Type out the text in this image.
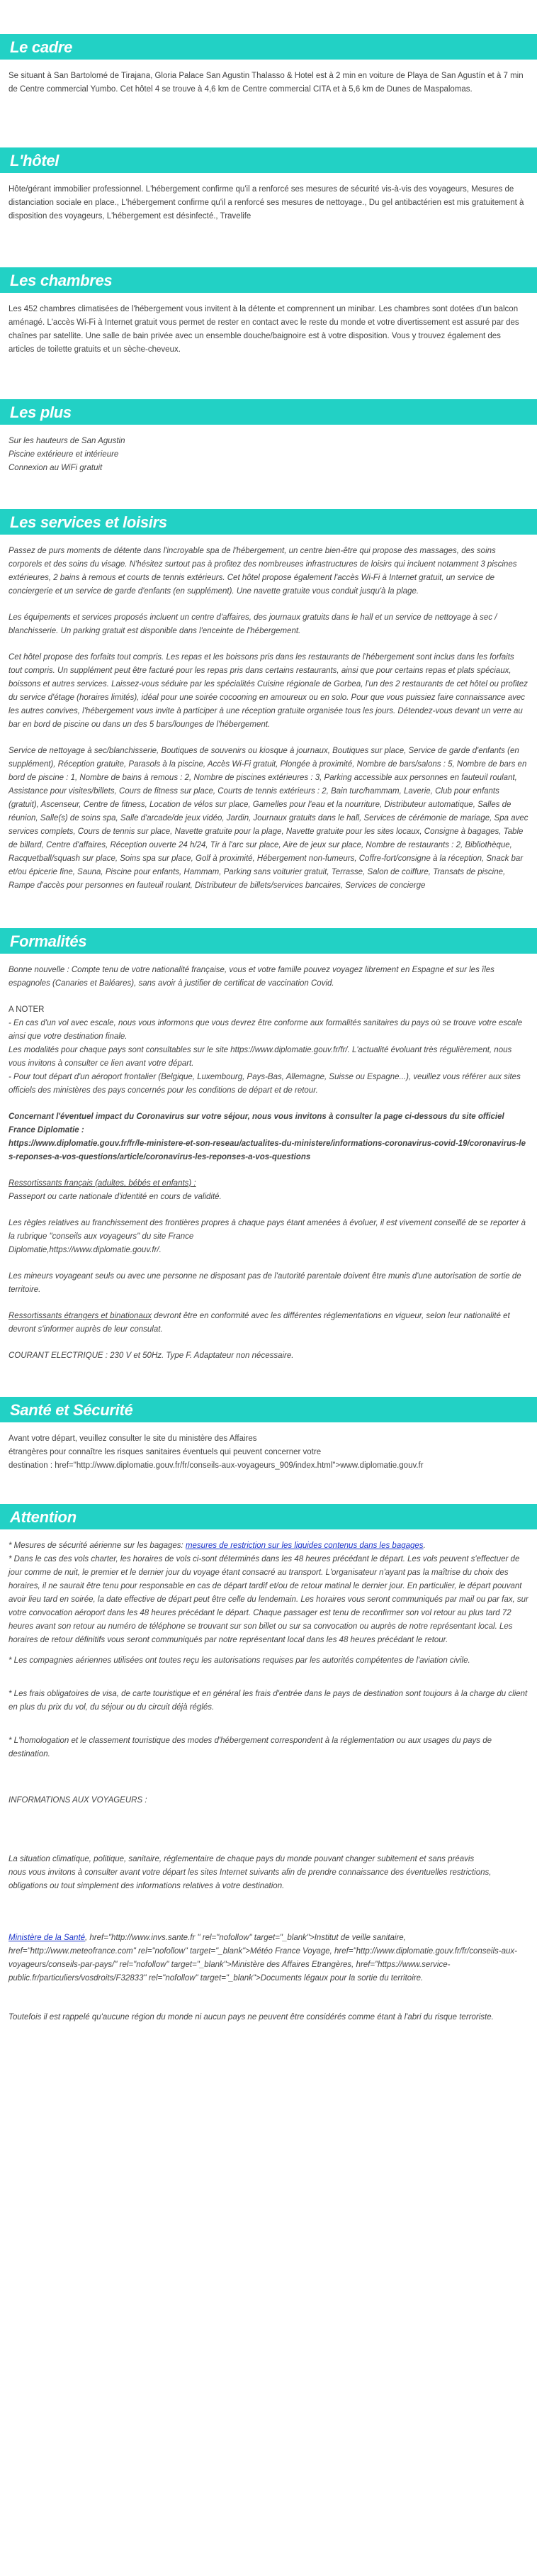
Le cadre

Se situant à San Bartolomé de Tirajana, Gloria Palace San Agustin Thalasso & Hotel est à 2 min en voiture de Playa de San Agustín et à 7 min de Centre commercial Yumbo. Cet hôtel 4 se trouve à 4,6 km de Centre commercial CITA et à 5,6 km de Dunes de Maspalomas.

L'hôtel

Hôte/gérant immobilier professionnel. L'hébergement confirme qu'il a renforcé ses mesures de sécurité vis-à-vis des voyageurs, Mesures de distanciation sociale en place., L'hébergement confirme qu'il a renforcé ses mesures de nettoyage., Du gel antibactérien est mis gratuitement à disposition des voyageurs, L'hébergement est désinfecté., Travelife

Les chambres

Les 452 chambres climatisées de l'hébergement vous invitent à la détente et comprennent un minibar. Les chambres sont dotées d'un balcon aménagé. L'accès Wi-Fi à Internet gratuit vous permet de rester en contact avec le reste du monde et votre divertissement est assuré par des chaînes par satellite. Une salle de bain privée avec un ensemble douche/baignoire est à votre disposition. Vous y trouvez également des articles de toilette gratuits et un sèche-cheveux.

Les plus
Sur les hauteurs de San Agustin
Piscine extérieure et intérieure
Connexion au WiFi gratuit
Les services et loisirs

Passez de purs moments de détente dans l'incroyable spa de l'hébergement, un centre bien-être qui propose des massages, des soins corporels et des soins du visage. N'hésitez surtout pas à profitez des nombreuses infrastructures de loisirs qui incluent notamment 3 piscines extérieures, 2 bains à remous et courts de tennis extérieurs. Cet hôtel propose également l'accès Wi-Fi à Internet gratuit, un service de conciergerie et un service de garde d'enfants (en supplément). Une navette gratuite vous conduit jusqu'à la plage.

Les équipements et services proposés incluent un centre d'affaires, des journaux gratuits dans le hall et un service de nettoyage à sec / blanchisserie. Un parking gratuit est disponible dans l'enceinte de l'hébergement.

Cet hôtel propose des forfaits tout compris. Les repas et les boissons pris dans les restaurants de l'hébergement sont inclus dans les forfaits tout compris. Un supplément peut être facturé pour les repas pris dans certains restaurants, ainsi que pour certains repas et plats spéciaux, boissons et autres services. Laissez-vous séduire par les spécialités Cuisine régionale de Gorbea, l'un des 2 restaurants de cet hôtel ou profitez du service d'étage (horaires limités), idéal pour une soirée cocooning en amoureux ou en solo. Pour que vous puissiez faire connaissance avec les autres convives, l'hébergement vous invite à participer à une réception gratuite organisée tous les jours. Détendez-vous devant un verre au bar en bord de piscine ou dans un des 5 bars/lounges de l'hébergement.

Service de nettoyage à sec/blanchisserie, Boutiques de souvenirs ou kiosque à journaux, Boutiques sur place, Service de garde d'enfants (en supplément), Réception gratuite, Parasols à la piscine, Accès Wi-Fi gratuit, Plongée à proximité, Nombre de bars/salons : 5, Nombre de bars en bord de piscine : 1, Nombre de bains à remous : 2, Nombre de piscines extérieures : 3, Parking accessible aux personnes en fauteuil roulant, Assistance pour visites/billets, Cours de fitness sur place, Courts de tennis extérieurs : 2, Bain turc/hammam, Laverie, Club pour enfants (gratuit), Ascenseur, Centre de fitness, Location de vélos sur place, Gamelles pour l'eau et la nourriture, Distributeur automatique, Salles de réunion, Salle(s) de soins spa, Salle d'arcade/de jeux vidéo, Jardin, Journaux gratuits dans le hall, Services de cérémonie de mariage, Spa avec services complets, Cours de tennis sur place, Navette gratuite pour la plage, Navette gratuite pour les sites locaux, Consigne à bagages, Table de billard, Centre d'affaires, Réception ouverte 24 h/24, Tir à l'arc sur place, Aire de jeux sur place, Nombre de restaurants : 2, Bibliothèque, Racquetball/squash sur place, Soins spa sur place, Golf à proximité, Hébergement non-fumeurs, Coffre-fort/consigne à la réception, Snack bar et/ou épicerie fine, Sauna, Piscine pour enfants, Hammam, Parking sans voiturier gratuit, Terrasse, Salon de coiffure, Transats de piscine, Rampe d'accès pour personnes en fauteuil roulant, Distributeur de billets/services bancaires, Services de concierge

Formalités

Bonne nouvelle : Compte tenu de votre nationalité française, vous et votre famille pouvez voyagez librement en Espagne et sur les îles espagnoles (Canaries et Baléares), sans avoir à justifier de certificat de vaccination Covid.

A NOTER
- En cas d'un vol avec escale, nous vous informons que vous devrez être conforme aux formalités sanitaires du pays où se trouve votre escale ainsi que votre destination finale.
Les modalités pour chaque pays sont consultables sur le site https://www.diplomatie.gouv.fr/fr/. L'actualité évoluant très régulièrement, nous vous invitons à consulter ce lien avant votre départ.
- Pour tout départ d'un aéroport frontalier (Belgique, Luxembourg, Pays-Bas, Allemagne, Suisse ou Espagne...), veuillez vous référer aux sites officiels des ministères des pays concernés pour les conditions de départ et de retour.
Concernant l'éventuel impact du Coronavirus sur votre séjour, nous vous invitons à consulter la page ci-dessous du site officiel France Diplomatie :
https://www.diplomatie.gouv.fr/fr/le-ministere-et-son-reseau/actualites-du-ministere/informations-coronavirus-covid-19/coronavirus-les-reponses-a-vos-questions/article/coronavirus-les-reponses-a-vos-questions
Ressortissants français (adultes, bébés et enfants) :
Passeport ou carte nationale d'identité en cours de validité.
Les règles relatives au franchissement des frontières propres à chaque pays étant amenées à évoluer, il est vivement conseillé de se reporter à la rubrique "conseils aux voyageurs" du site France
Diplomatie,https://www.diplomatie.gouv.fr/.
Les mineurs voyageant seuls ou avec une personne ne disposant pas de l'autorité parentale doivent être munis d'une autorisation de sortie de territoire.
Ressortissants étrangers et binationaux devront être en conformité avec les différentes réglementations en vigueur, selon leur nationalité et devront s'informer auprès de leur consulat.
COURANT ELECTRIQUE : 230 V et 50Hz. Type F. Adaptateur non nécessaire.
Santé et Sécurité
Avant votre départ, veuillez consulter le site du ministère des Affaires
étrangères pour connaître les risques sanitaires éventuels qui peuvent concerner votre
destination : href="http://www.diplomatie.gouv.fr/fr/conseils-aux-voyageurs_909/index.html">www.diplomatie.gouv.fr
Attention
* Mesures de sécurité aérienne sur les bagages: mesures de restriction sur les liquides contenus dans les bagages.

* Dans le cas des vols charter, les horaires de vols ci-sont déterminés dans les 48 heures précédant le départ. Les vols peuvent s'effectuer de jour comme de nuit, le premier et le dernier jour du voyage étant consacré au transport. L'organisateur n'ayant pas la maîtrise du choix des horaires, il ne saurait être tenu pour responsable en cas de départ tardif et/ou de retour matinal le dernier jour. En particulier, le départ pouvant avoir lieu tard en soirée, la date effective de départ peut être celle du lendemain. Les horaires vous seront communiqués par mail ou par fax, sur votre convocation aéroport dans les 48 heures précédant le départ. Chaque passager est tenu de reconfirmer son vol retour au plus tard 72 heures avant son retour au numéro de téléphone se trouvant sur son billet ou sur sa convocation ou auprès de notre représentant local. Les horaires de retour définitifs vous seront communiqués par notre représentant local dans les 48 heures précédant le retour.

* Les compagnies aériennes utilisées ont toutes reçu les autorisations requises par les autorités compétentes de l'aviation civile.

* Les frais obligatoires de visa, de carte touristique et en général les frais d'entrée dans le pays de destination sont toujours à la charge du client en plus du prix du vol, du séjour ou du circuit déjà réglés.

* L'homologation et le classement touristique des modes d'hébergement correspondent à la réglementation ou aux usages du pays de destination.

INFORMATIONS AUX VOYAGEURS :

La situation climatique, politique, sanitaire, réglementaire de chaque pays du monde pouvant changer subitement et sans préavis
nous vous invitons à consulter avant votre départ les sites Internet suivants afin de prendre connaissance des éventuelles restrictions, obligations ou tout simplement des informations relatives à votre destination.
Ministère de la Santé, href="http://www.invs.sante.fr " rel="nofollow" target="_blank">Institut de veille sanitaire, href="http://www.meteofrance.com" rel="nofollow" target="_blank">Météo France Voyage, href="http://www.diplomatie.gouv.fr/fr/conseils-aux-voyageurs/conseils-par-pays/" rel="nofollow" target="_blank">Ministère des Affaires Etrangères, href="https://www.service-public.fr/particuliers/vosdroits/F32833" rel="nofollow" target="_blank">Documents légaux pour la sortie du territoire.
Toutefois il est rappelé qu'aucune région du monde ni aucun pays ne peuvent être considérés comme étant à l'abri du risque terroriste.
